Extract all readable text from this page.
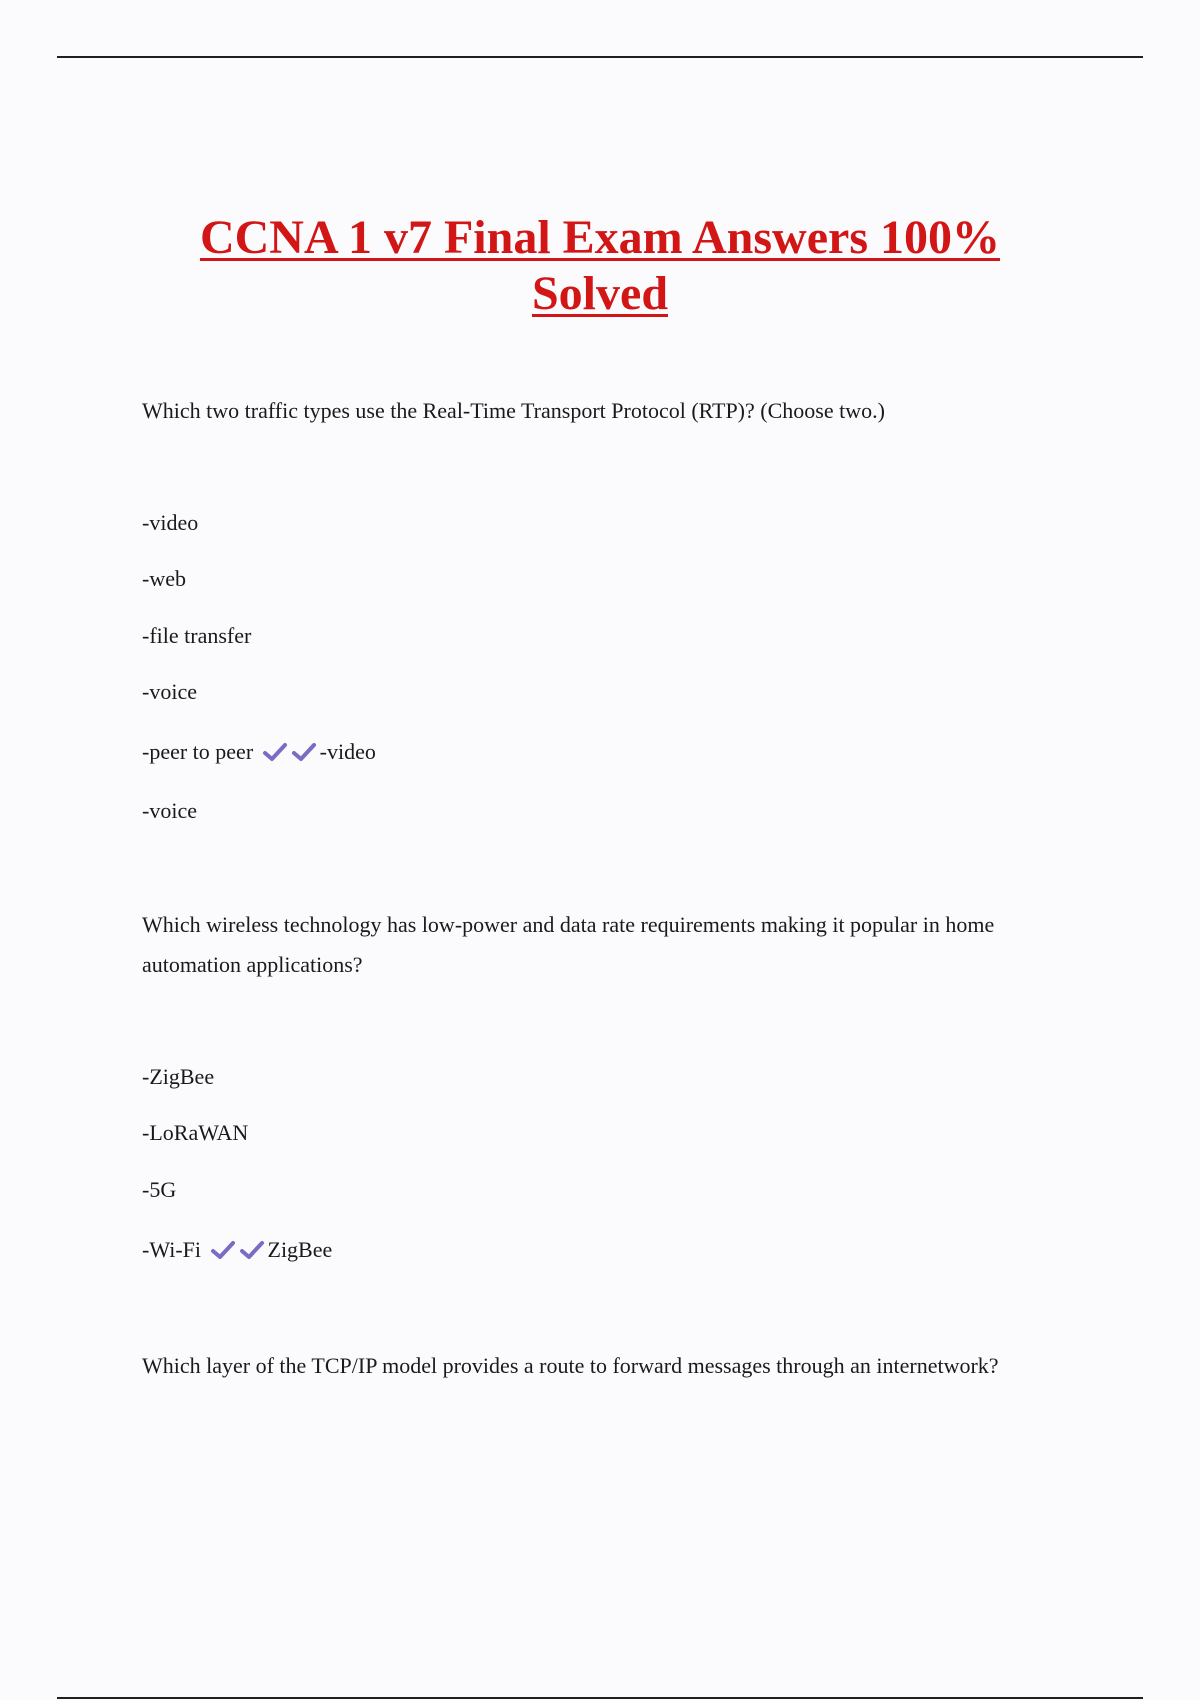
CCNA 1 v7 Final Exam Answers 100%
Solved
Which two traffic types use the Real-Time Transport Protocol (RTP)? (Choose two.)
-video
-web
-file transfer
-voice
-peer to peer	-video
-voice
Which wireless technology has low-power and data rate requirements making it popular in home
automation applications?
-ZigBee
-LoRaWAN
-5G
-Wi-Fi	ZigBee
Which layer of the TCP/IP model provides a route to forward messages through an internetwork?
